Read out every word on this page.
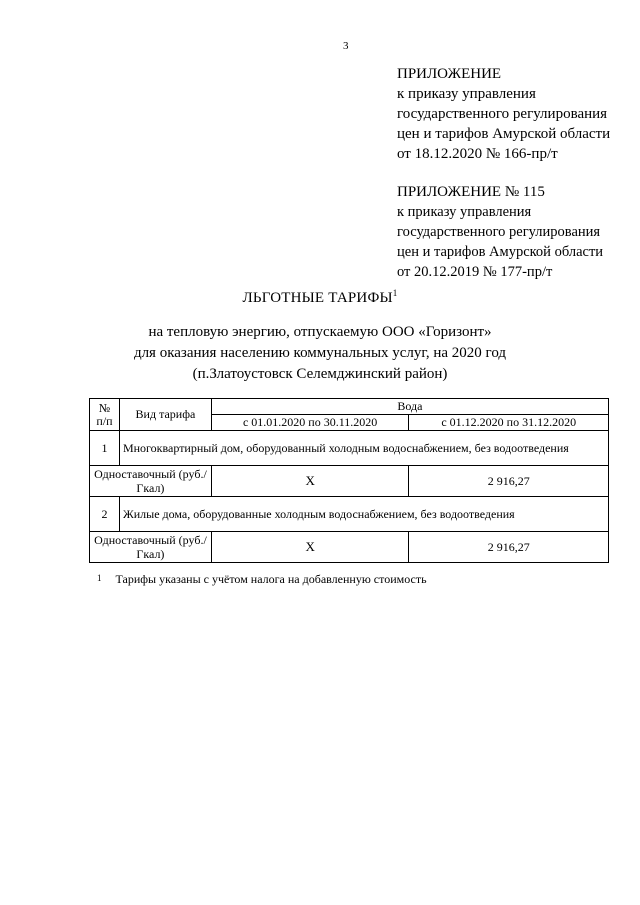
3
ПРИЛОЖЕНИЕ
к приказу управления
государственного регулирования
цен и тарифов Амурской области
от 18.12.2020 № 166-пр/т
ПРИЛОЖЕНИЕ № 115
к приказу управления
государственного регулирования
цен и тарифов Амурской области
от 20.12.2019 № 177-пр/т
ЛЬГОТНЫЕ ТАРИФЫ$^1$
на тепловую энергию, отпускаемую ООО «Горизонт»
для оказания населению коммунальных услуг, на 2020 год
(п.Златоустовск Селемджинский район)
№ п/п	Вид тарифа	Вода	
		с 01.01.2020 по 30.11.2020	с 01.12.2020 по 31.12.2020
1	Многоквартирный дом, оборудованный холодным водоснабжением, без водоотведения		
Одноставочный (руб./Гкал)		Х	2 916,27
2	Жилые дома, оборудованные холодным водоснабжением, без водоотведения		
Одноставочный (руб./Гкал)		Х	2 916,27
1 Тарифы указаны с учётом налога на добавленную стоимость
